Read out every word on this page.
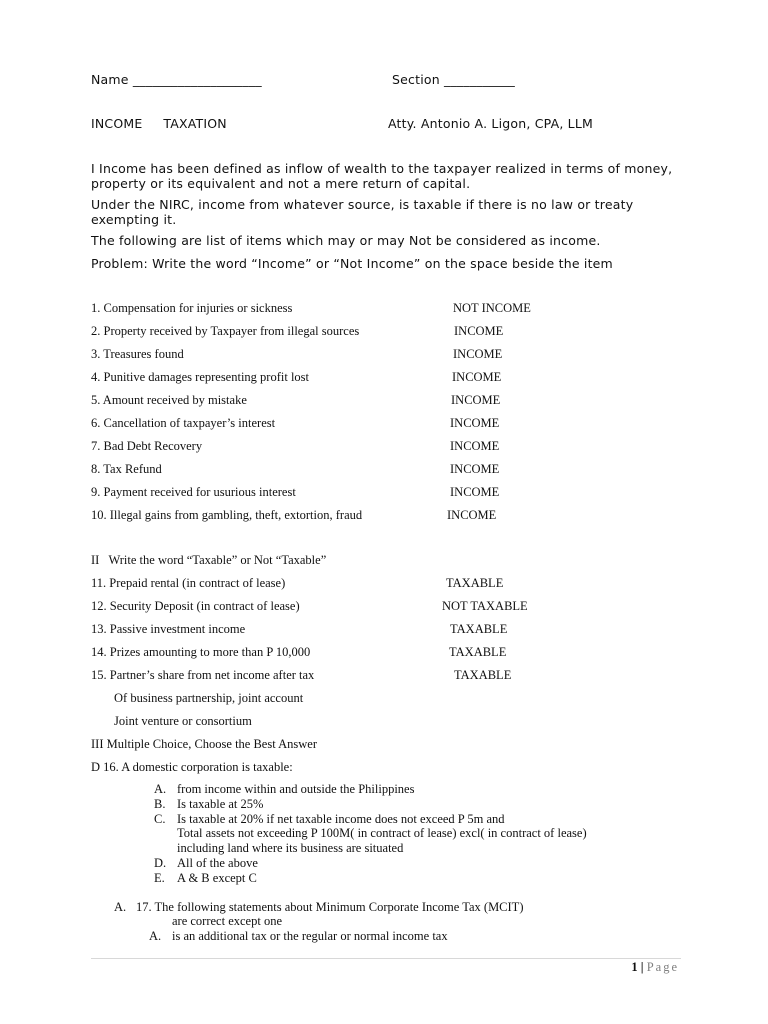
Name ____________________	Section ___________
INCOME     TAXATION	Atty. Antonio A. Ligon, CPA, LLM
I Income has been defined as inflow of wealth to the taxpayer realized in terms of money, property or its equivalent and not a mere return of capital.
Under the NIRC, income from whatever source, is taxable if there is no law or treaty exempting it.
The following are list of items which may or may Not be considered as income.
Problem: Write the word “Income” or “Not Income” on the space beside the item
1. Compensation for injuries or sickness	NOT INCOME
2. Property received by Taxpayer from illegal sources	INCOME
3. Treasures found	INCOME
4. Punitive damages representing profit lost	INCOME
5. Amount received by mistake	INCOME
6. Cancellation of taxpayer’s interest	INCOME
7. Bad Debt Recovery	INCOME
8. Tax Refund	INCOME
9. Payment received for usurious interest	INCOME
10. Illegal gains from gambling, theft, extortion, fraud	INCOME
II   Write the word “Taxable” or Not “Taxable”
11. Prepaid rental (in contract of lease)	TAXABLE
12. Security Deposit (in contract of lease)	NOT TAXABLE
13. Passive investment income	TAXABLE
14. Prizes amounting to more than P 10,000	TAXABLE
15. Partner’s share from net income after tax	TAXABLE
Of business partnership, joint account
Joint venture or consortium
III Multiple Choice, Choose the Best Answer
D 16. A domestic corporation is taxable:
A. from income within and outside the Philippines
B. Is taxable at 25%
C. Is taxable at 20% if net taxable income does not exceed P 5m and
Total assets not exceeding P 100M( in contract of lease) excl( in contract of lease)
including land where its business are situated
D. All of the above
E. A & B except C
A. 17. The following statements about Minimum Corporate Income Tax (MCIT)
are correct except one
A. is an additional tax or the regular or normal income tax
1 | Page
